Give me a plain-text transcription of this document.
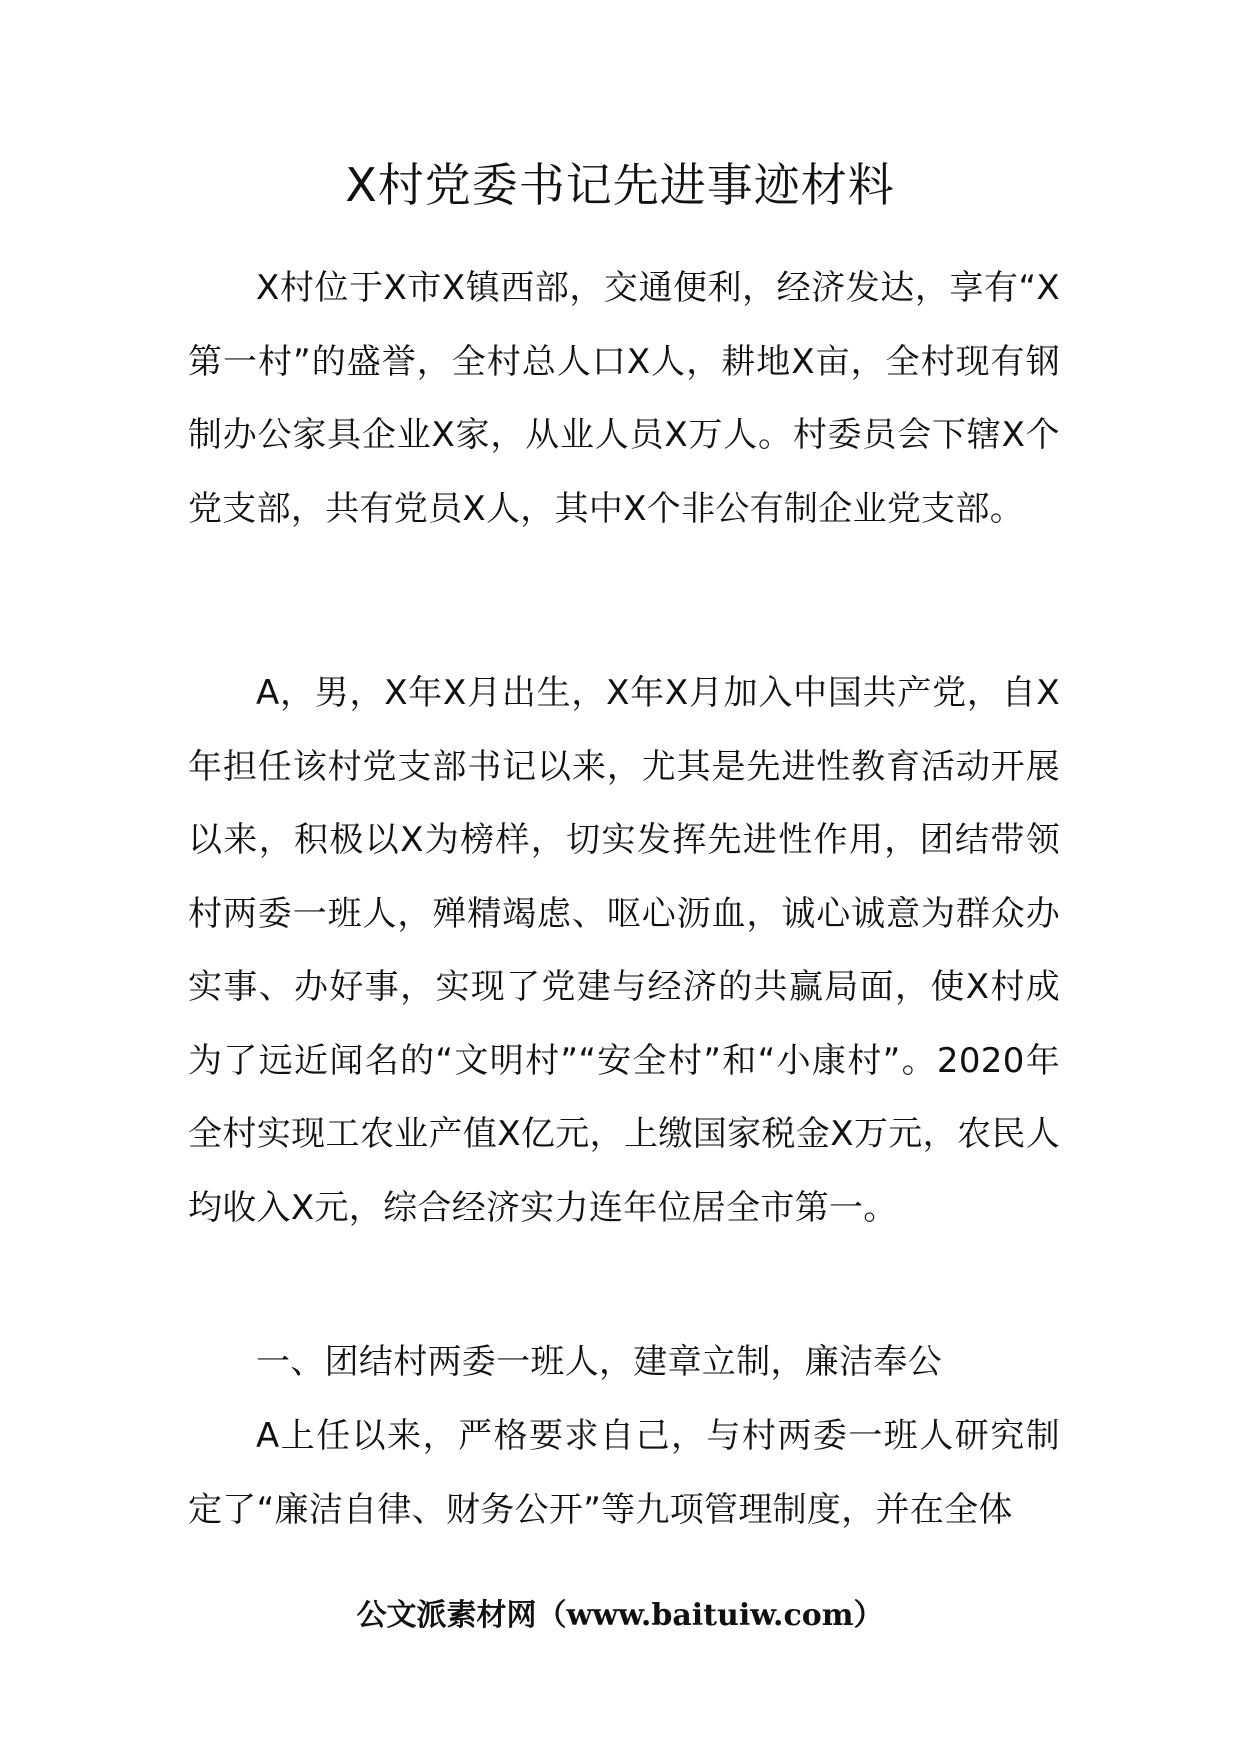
X村党委书记先进事迹材料

X村位于X市X镇西部，交通便利，经济发达，享有“X第一村”的盛誉，全村总人口X人，耕地X亩，全村现有钢制办公家具企业X家，从业人员X万人。村委员会下辖X个党支部，共有党员X人，其中X个非公有制企业党支部。

A，男，X年X月出生，X年X月加入中国共产党，自X年担任该村党支部书记以来，尤其是先进性教育活动开展以来，积极以X为榜样，切实发挥先进性作用，团结带领村两委一班人，殚精竭虑、呕心沥血，诚心诚意为群众办实事、办好事，实现了党建与经济的共赢局面，使X村成为了远近闻名的“文明村”“安全村”和“小康村”。2020年全村实现工农业产值X亿元，上缴国家税金X万元，农民人均收入X元，综合经济实力连年位居全市第一。

一、团结村两委一班人，建章立制，廉洁奉公

A上任以来，严格要求自己，与村两委一班人研究制定了“廉洁自律、财务公开”等九项管理制度，并在全体

公文派素材网（www.baituiw.com）
